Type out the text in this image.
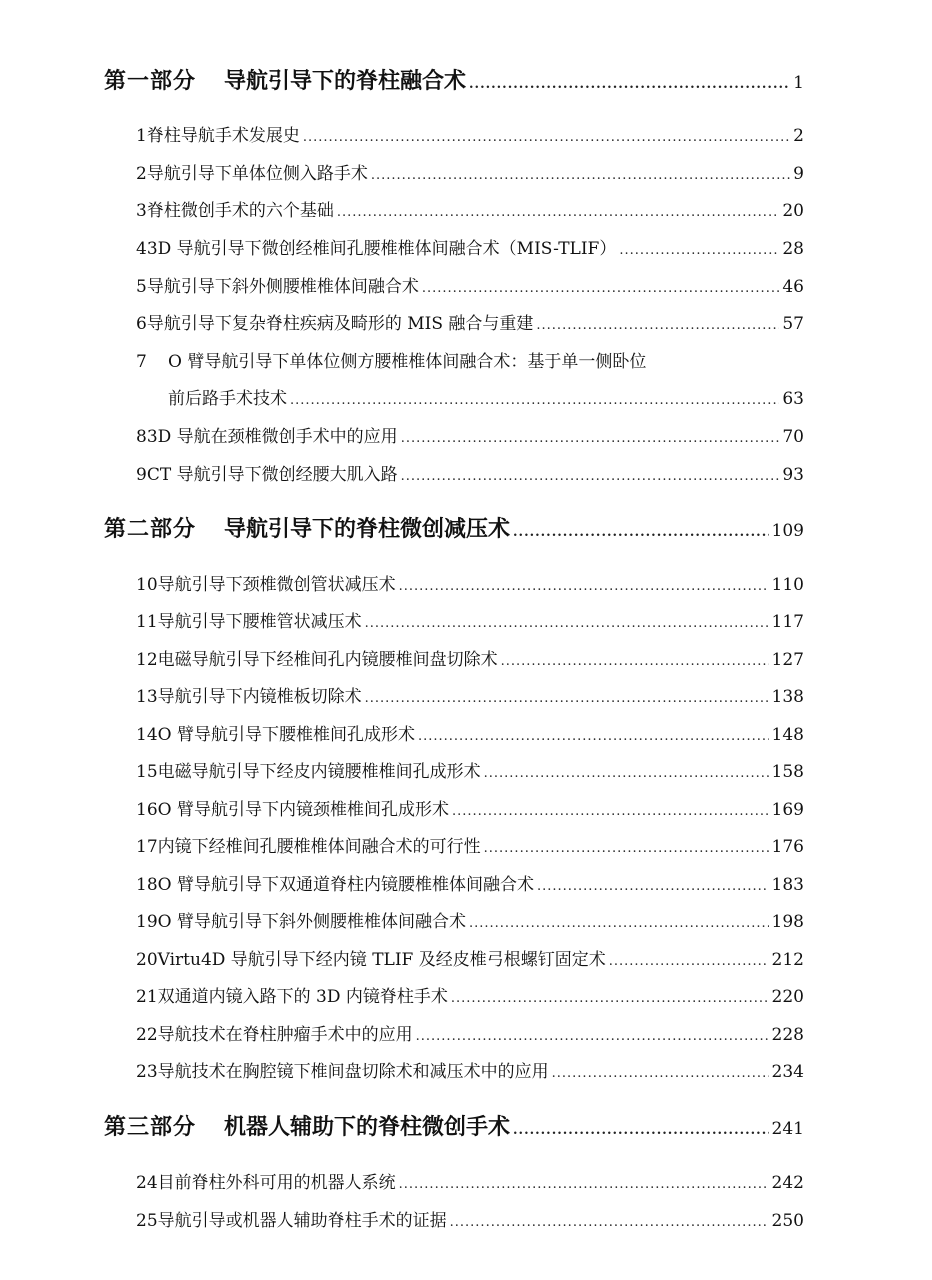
第一部分 导航引导下的脊柱融合术 .....	1
1 脊柱导航手术发展史 .....	2
2 导航引导下单体位侧入路手术 .....	9
3 脊柱微创手术的六个基础 .....	20
4 3D 导航引导下微创经椎间孔腰椎椎体间融合术（MIS-TLIF） .....	28
5 导航引导下斜外侧腰椎椎体间融合术 .....	46
6 导航引导下复杂脊柱疾病及畸形的 MIS 融合与重建 .....	57
7	O 臂导航引导下单体位侧方腰椎椎体间融合术：基于单一侧卧位
前后路手术技术 .....	63
8 3D 导航在颈椎微创手术中的应用 .....	70
9 CT 导航引导下微创经腰大肌入路 .....	93
第二部分 导航引导下的脊柱微创减压术 .....	109
10 导航引导下颈椎微创管状减压术 .....	110
11 导航引导下腰椎管状减压术 .....	117
12 电磁导航引导下经椎间孔内镜腰椎间盘切除术 .....	127
13 导航引导下内镜椎板切除术 .....	138
14 O 臂导航引导下腰椎椎间孔成形术 .....	148
15 电磁导航引导下经皮内镜腰椎椎间孔成形术 .....	158
16 O 臂导航引导下内镜颈椎椎间孔成形术 .....	169
17 内镜下经椎间孔腰椎椎体间融合术的可行性 .....	176
18 O 臂导航引导下双通道脊柱内镜腰椎椎体间融合术 .....	183
19 O 臂导航引导下斜外侧腰椎椎体间融合术 .....	198
20 Virtu4D 导航引导下经内镜 TLIF 及经皮椎弓根螺钉固定术 .....	212
21 双通道内镜入路下的 3D 内镜脊柱手术 .....	220
22 导航技术在脊柱肿瘤手术中的应用 .....	228
23 导航技术在胸腔镜下椎间盘切除术和减压术中的应用 .....	234
第三部分 机器人辅助下的脊柱微创手术 .....	241
24 目前脊柱外科可用的机器人系统 .....	242
25 导航引导或机器人辅助脊柱手术的证据 .....	250
